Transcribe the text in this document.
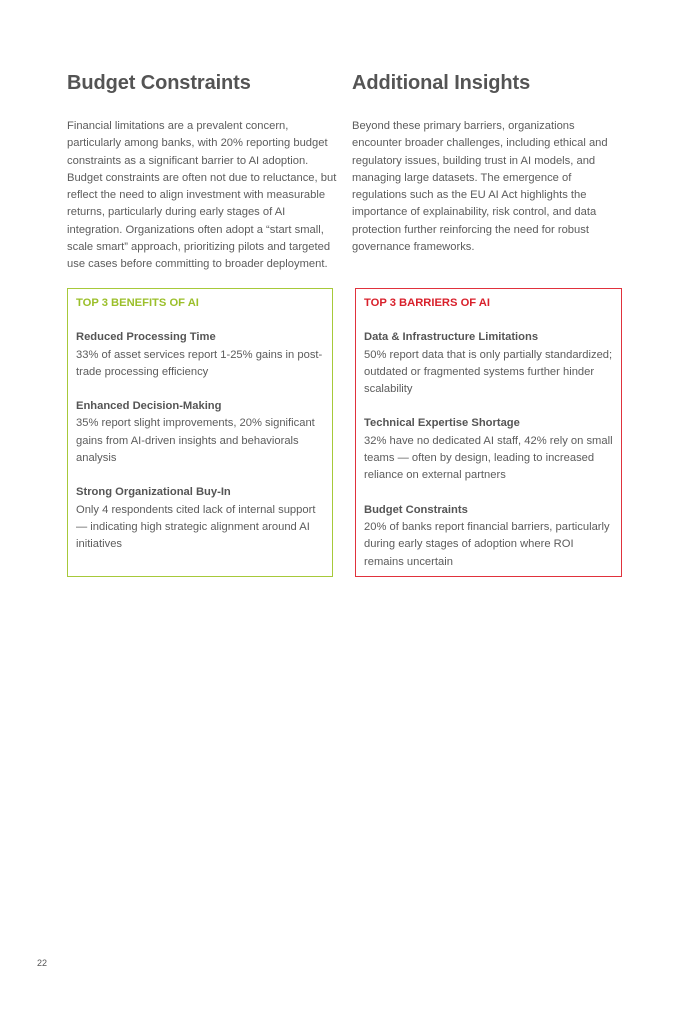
Budget Constraints

Financial limitations are a prevalent concern, particularly among banks, with 20% reporting budget constraints as a significant barrier to AI adoption. Budget constraints are often not due to reluctance, but reflect the need to align investment with measurable returns, particularly during early stages of AI integration. Organizations often adopt a “start small, scale smart” approach, prioritizing pilots and targeted use cases before committing to broader deployment.

Additional Insights

Beyond these primary barriers, organizations encounter broader challenges, including ethical and regulatory issues, building trust in AI models, and managing large datasets. The emergence of regulations such as the EU AI Act highlights the importance of explainability, risk control, and data protection further reinforcing the need for robust governance frameworks.

TOP 3 BENEFITS OF AI
Reduced Processing Time
33% of asset services report 1-25% gains in post-trade processing efficiency
Enhanced Decision-Making
35% report slight improvements, 20% significant gains from AI-driven insights and behaviorals analysis
Strong Organizational Buy-In
Only 4 respondents cited lack of internal support — indicating high strategic alignment around AI initiatives
TOP 3 BARRIERS OF AI
Data & Infrastructure Limitations
50% report data that is only partially standardized; outdated or fragmented systems further hinder scalability
Technical Expertise Shortage
32% have no dedicated AI staff, 42% rely on small teams — often by design, leading to increased reliance on external partners
Budget Constraints
20% of banks report financial barriers, particularly during early stages of adoption where ROI remains uncertain
22
